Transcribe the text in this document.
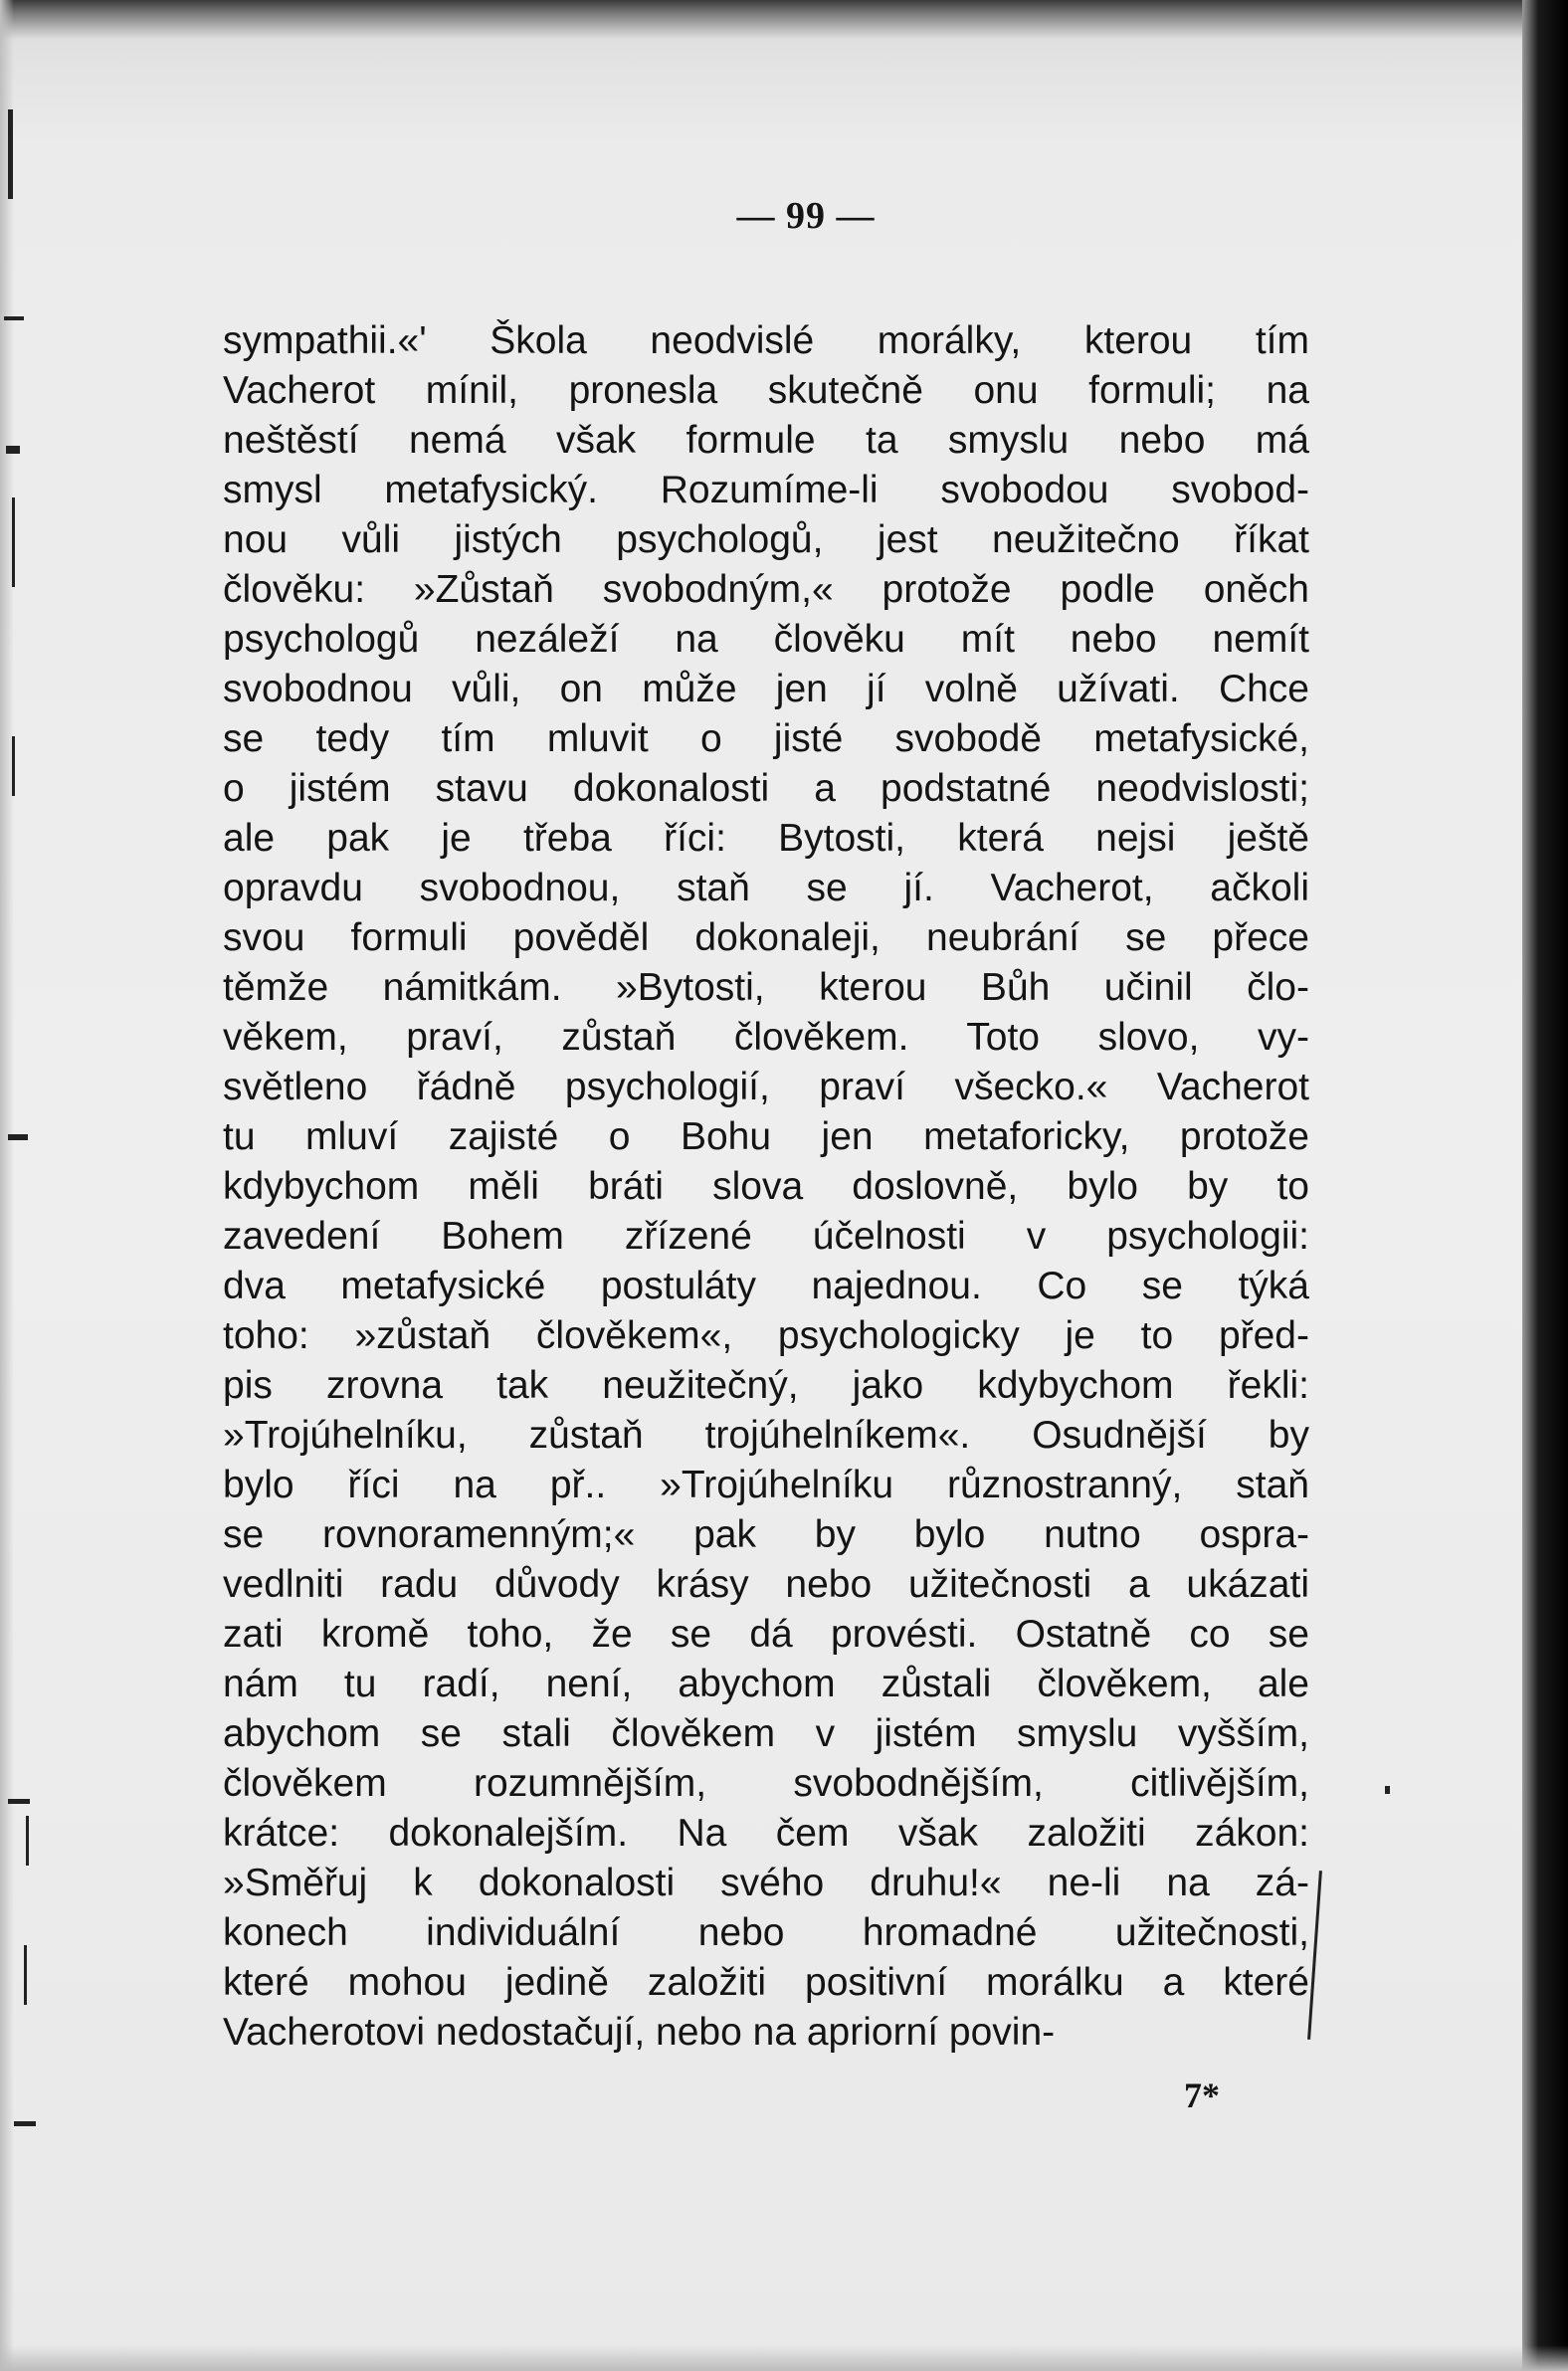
— 99 —
sympathii.«' Škola neodvislé morálky, kterou tím
Vacherot mínil, pronesla skutečně onu formuli; na
neštěstí nemá však formule ta smyslu nebo má
smysl metafysický. Rozumíme-li svobodou svobod-
nou vůli jistých psychologů, jest neužitečno říkat
člověku: »Zůstaň svobodným,« protože podle oněch
psychologů nezáleží na člověku mít nebo nemít
svobodnou vůli, on může jen jí volně užívati. Chce
se tedy tím mluvit o jisté svobodě metafysické,
o jistém stavu dokonalosti a podstatné neodvislosti;
ale pak je třeba říci: Bytosti, která nejsi ještě
opravdu svobodnou, staň se jí. Vacherot, ačkoli
svou formuli pověděl dokonaleji, neubrání se přece
těmže námitkám. »Bytosti, kterou Bůh učinil člo-
věkem, praví, zůstaň člověkem. Toto slovo, vy-
světleno řádně psychologií, praví všecko.« Vacherot
tu mluví zajisté o Bohu jen metaforicky, protože
kdybychom měli bráti slova doslovně, bylo by to
zavedení Bohem zřízené účelnosti v psychologii:
dva metafysické postuláty najednou. Co se týká
toho: »zůstaň člověkem«, psychologicky je to před-
pis zrovna tak neužitečný, jako kdybychom řekli:
»Trojúhelníku, zůstaň trojúhelníkem«. Osudnější by
bylo říci na př.. »Trojúhelníku různostranný, staň
se rovnoramenným;« pak by bylo nutno ospra-
vedlniti radu důvody krásy nebo užitečnosti a ukázati
zati kromě toho, že se dá provésti. Ostatně co se
nám tu radí, není, abychom zůstali člověkem, ale
abychom se stali člověkem v jistém smyslu vyšším,
člověkem rozumnějším, svobodnějším, citlivějším,
krátce: dokonalejším. Na čem však založiti zákon:
»Směřuj k dokonalosti svého druhu!« ne-li na zá-
konech individuální nebo hromadné užitečnosti,
které mohou jedině založiti positivní morálku a které
Vacherotovi nedostačují, nebo na apriorní povin-
7*
